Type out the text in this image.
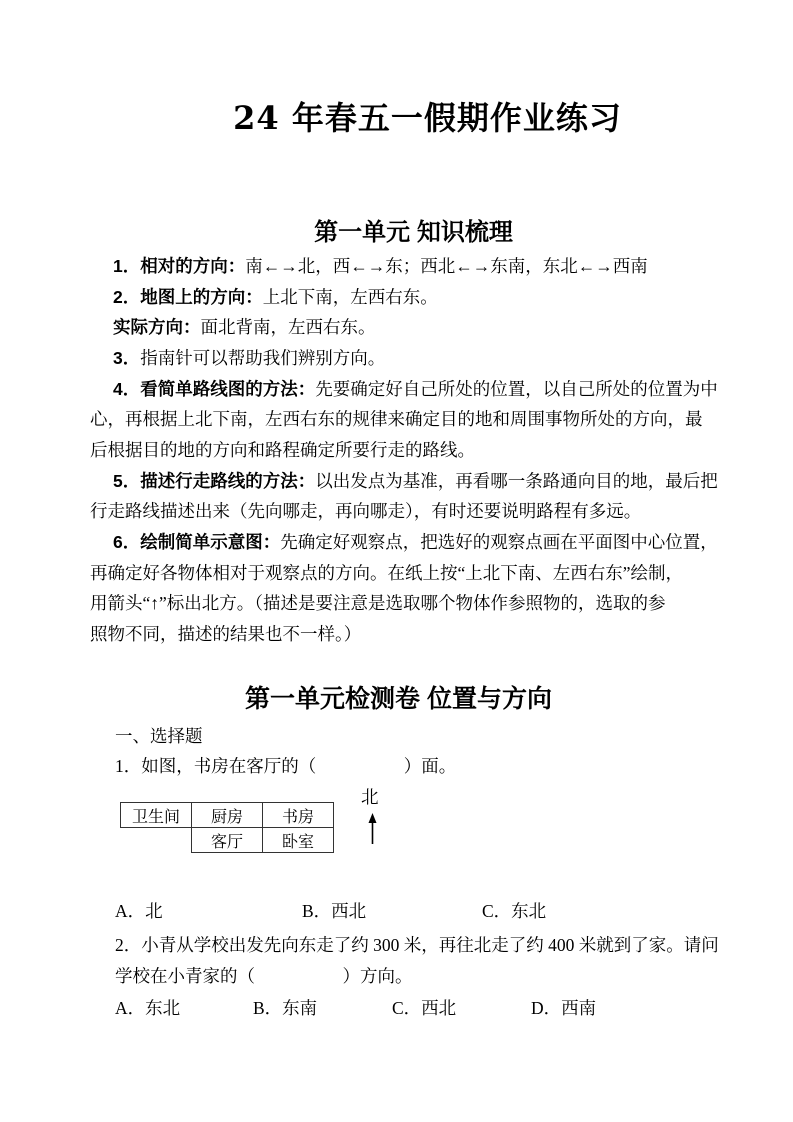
24 年春五一假期作业练习
第一单元 知识梳理
1．相对的方向：南←→北，西←→东；西北←→东南，东北←→西南
2．地图上的方向：上北下南，左西右东。
实际方向：面北背南，左西右东。
3．指南针可以帮助我们辨别方向。
4．看简单路线图的方法：先要确定好自己所处的位置，以自己所处的位置为中
心，再根据上北下南，左西右东的规律来确定目的地和周围事物所处的方向，最
后根据目的地的方向和路程确定所要行走的路线。
5．描述行走路线的方法：以出发点为基准，再看哪一条路通向目的地，最后把
行走路线描述出来（先向哪走，再向哪走），有时还要说明路程有多远。
6．绘制简单示意图：先确定好观察点，把选好的观察点画在平面图中心位置，
再确定好各物体相对于观察点的方向。在纸上按“上北下南、左西右东”绘制，
用箭头“↑”标出北方。（描述是要注意是选取哪个物体作参照物的，选取的参
照物不同，描述的结果也不一样。）
第一单元检测卷 位置与方向
一、选择题
1．如图，书房在客厅的（　　　　　）面。
卫生间	厨房	书房
	客厅	卧室
北
A．北	B．西北	C．东北
2．小青从学校出发先向东走了约 300 米，再往北走了约 400 米就到了家。请问
学校在小青家的（　　　　　）方向。
A．东北	B．东南	C．西北	D．西南
